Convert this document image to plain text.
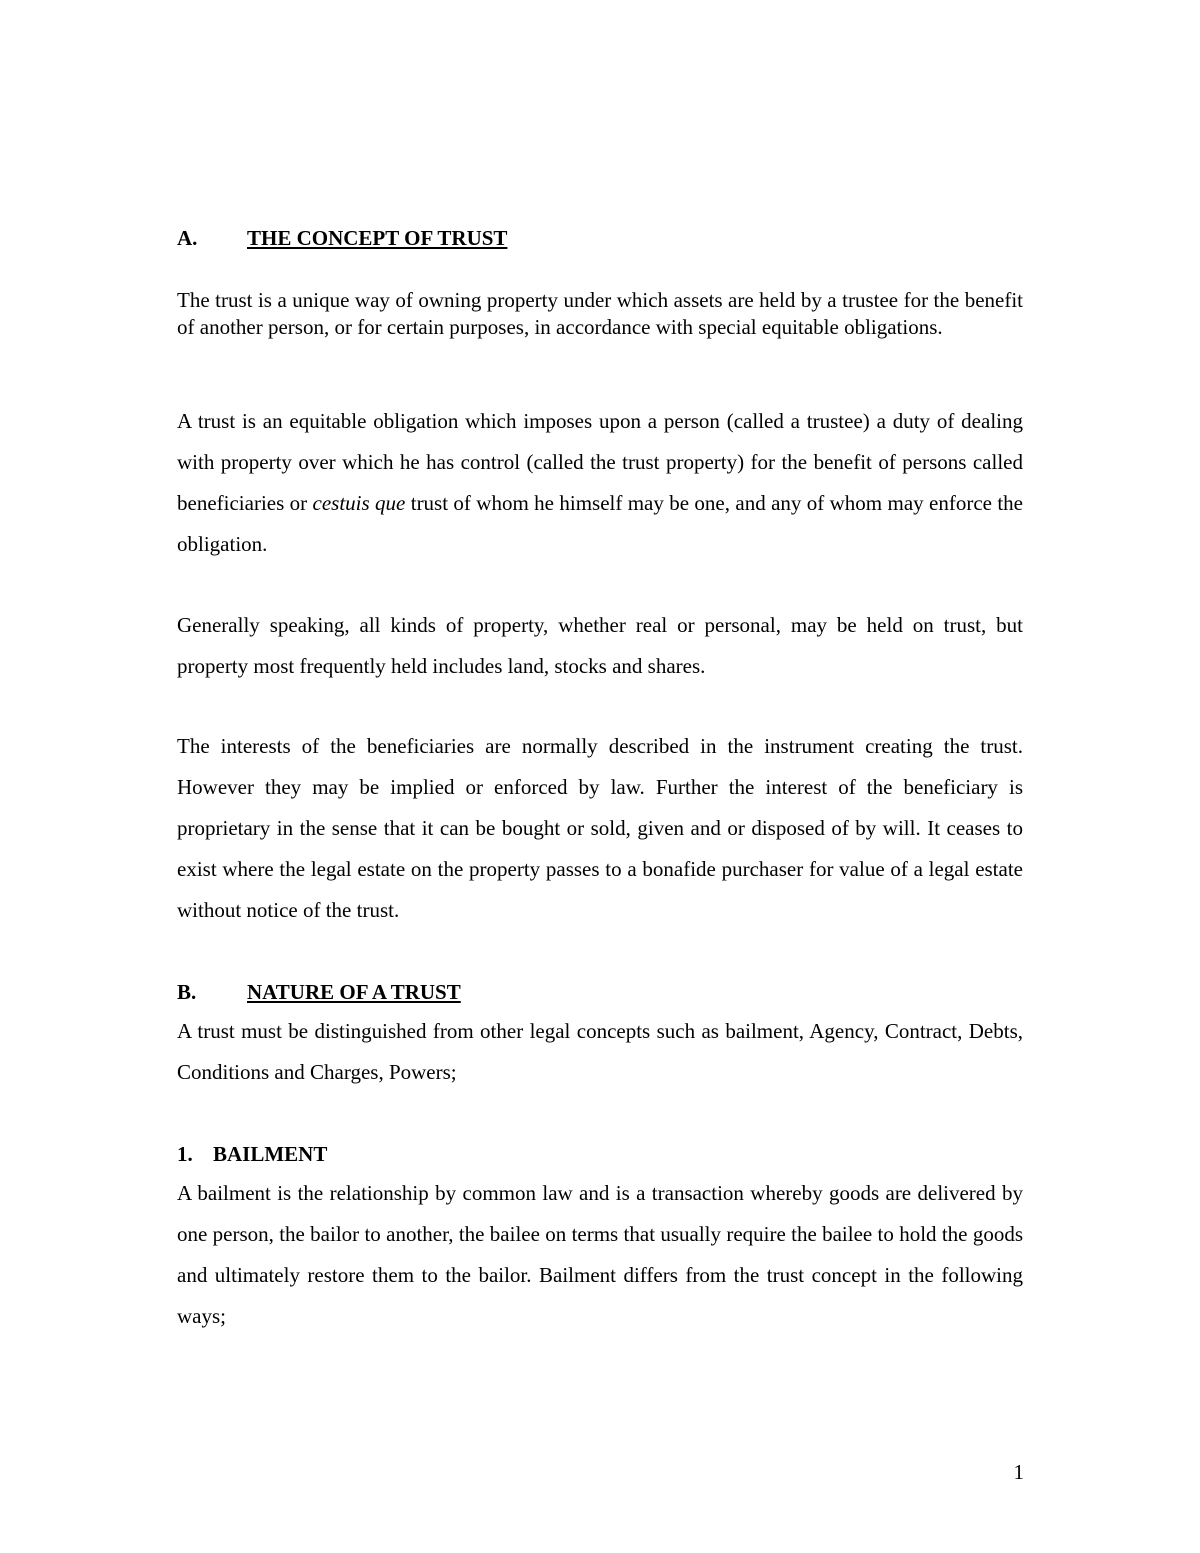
A. THE CONCEPT OF TRUST

The trust is a unique way of owning property under which assets are held by a trustee for the benefit of another person, or for certain purposes, in accordance with special equitable obligations.

A trust is an equitable obligation which imposes upon a person (called a trustee) a duty of dealing with property over which he has control (called the trust property) for the benefit of persons called beneficiaries or cestuis que trust of whom he himself may be one, and any of whom may enforce the obligation.

Generally speaking, all kinds of property, whether real or personal, may be held on trust, but property most frequently held includes land, stocks and shares.

The interests of the beneficiaries are normally described in the instrument creating the trust. However they may be implied or enforced by law. Further the interest of the beneficiary is proprietary in the sense that it can be bought or sold, given and or disposed of by will. It ceases to exist where the legal estate on the property passes to a bonafide purchaser for value of a legal estate without notice of the trust.

B. NATURE OF A TRUST

A trust must be distinguished from other legal concepts such as bailment, Agency, Contract, Debts, Conditions and Charges, Powers;

1. BAILMENT

A bailment is the relationship by common law and is a transaction whereby goods are delivered by one person, the bailor to another, the bailee on terms that usually require the bailee to hold the goods and ultimately restore them to the bailor. Bailment differs from the trust concept in the following ways;

1
